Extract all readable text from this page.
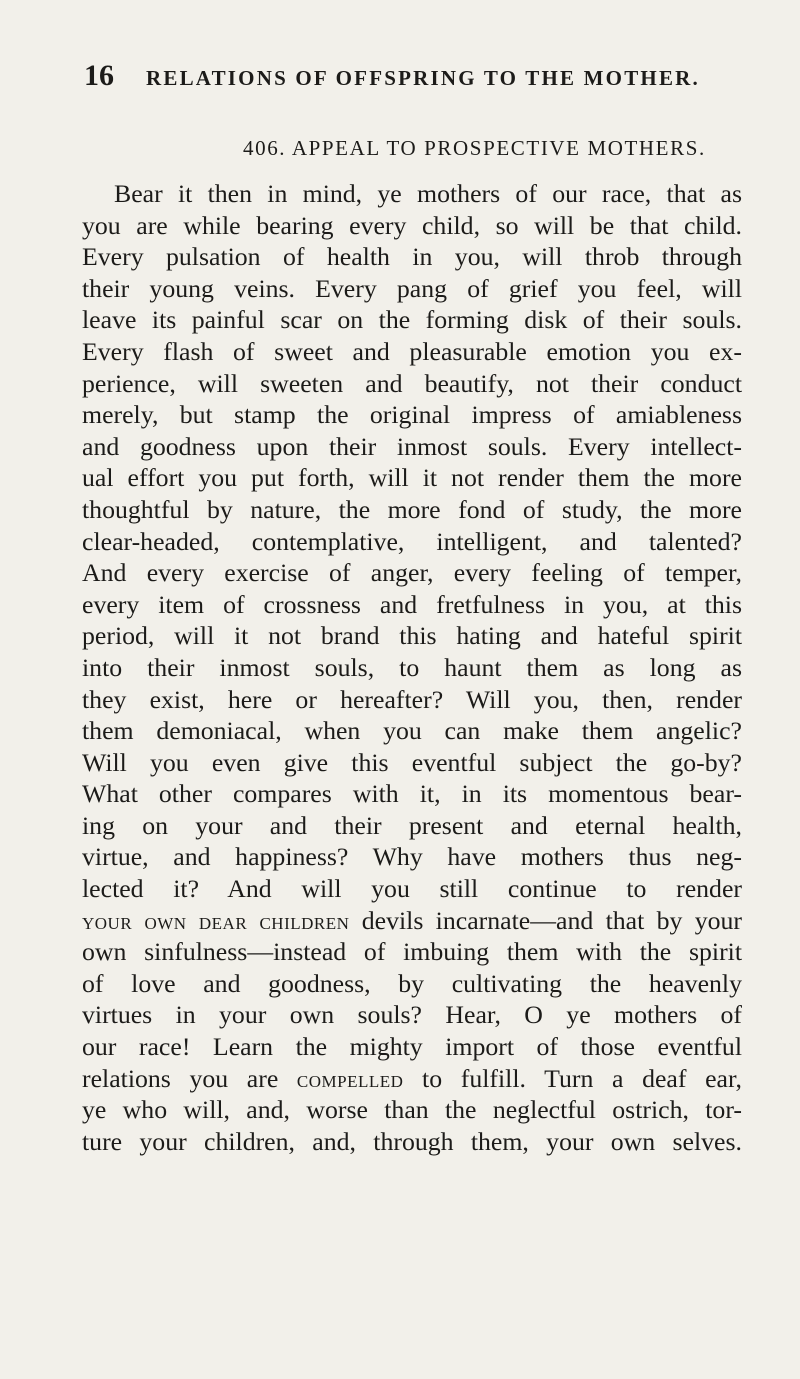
16 RELATIONS OF OFFSPRING TO THE MOTHER.
406. APPEAL TO PROSPECTIVE MOTHERS.
Bear it then in mind, ye mothers of our race, that as
you are while bearing every child, so will be that child.
Every pulsation of health in you, will throb through
their young veins. Every pang of grief you feel, will
leave its painful scar on the forming disk of their souls.
Every flash of sweet and pleasurable emotion you ex-
perience, will sweeten and beautify, not their conduct
merely, but stamp the original impress of amiableness
and goodness upon their inmost souls. Every intellect-
ual effort you put forth, will it not render them the more
thoughtful by nature, the more fond of study, the more
clear-headed, contemplative, intelligent, and talented?
And every exercise of anger, every feeling of temper,
every item of crossness and fretfulness in you, at this
period, will it not brand this hating and hateful spirit
into their inmost souls, to haunt them as long as
they exist, here or hereafter? Will you, then, render
them demoniacal, when you can make them angelic?
Will you even give this eventful subject the go-by?
What other compares with it, in its momentous bear-
ing on your and their present and eternal health,
virtue, and happiness? Why have mothers thus neg-
lected it? And will you still continue to render
your own dear children devils incarnate—and that by your
own sinfulness—instead of imbuing them with the spirit
of love and goodness, by cultivating the heavenly
virtues in your own souls? Hear, O ye mothers of
our race! Learn the mighty import of those eventful
relations you are compelled to fulfill. Turn a deaf ear,
ye who will, and, worse than the neglectful ostrich, tor-
ture your children, and, through them, your own selves.
